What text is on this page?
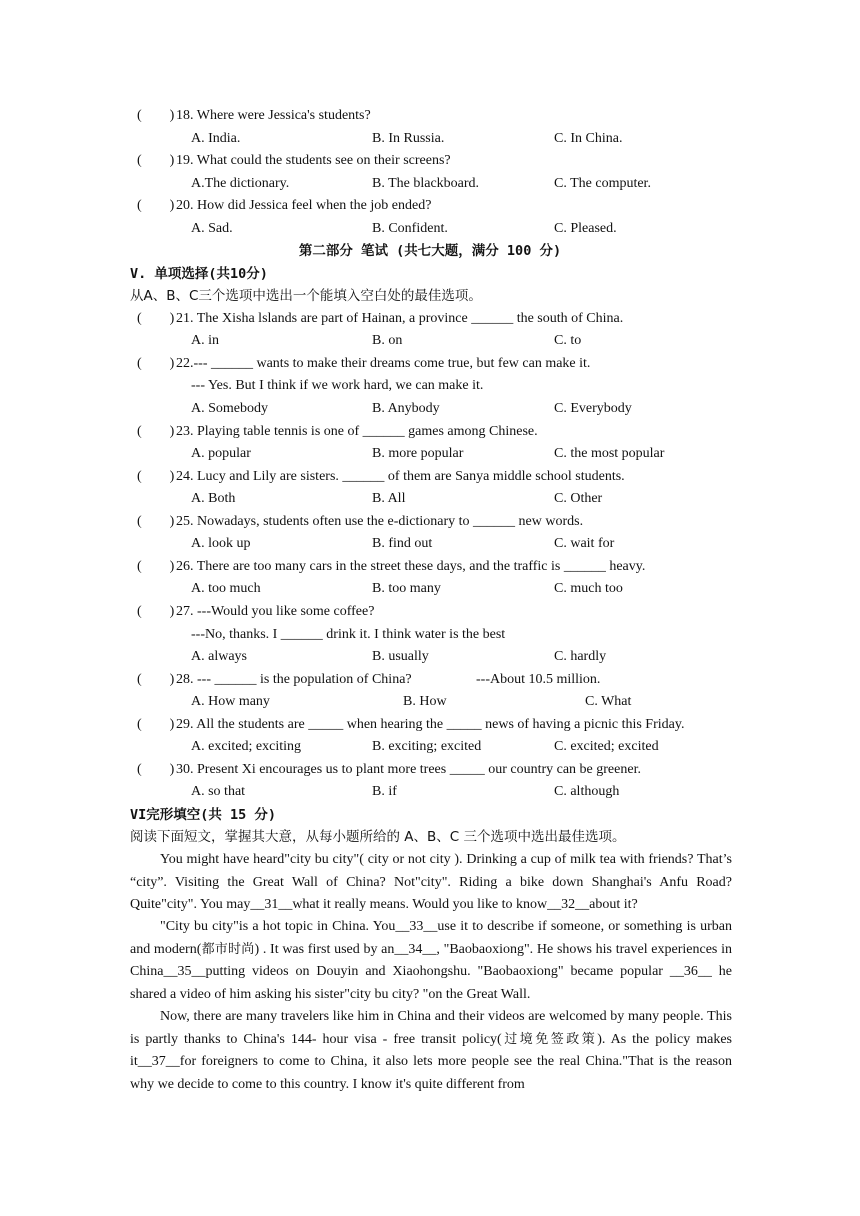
(　　) 18. Where were Jessica's students?
A. India.	B. In Russia.	C. In China.
(　　) 19. What could the students see on their screens?
A.The dictionary.	B. The blackboard.	C. The computer.
(　　) 20. How did Jessica feel when the job ended?
A. Sad.	B. Confident.	C. Pleased.
第二部分 笔试 (共七大题，满分 100 分)
V. 单项选择(共10分)
从A、B、C三个选项中选出一个能填入空白处的最佳选项。
(　　) 21. The Xisha lslands are part of Hainan, a province ______ the south of China.
A. in	B. on	C. to
(　　) 22.--- ______ wants to make their dreams come true, but few can make it.
--- Yes. But I think if we work hard, we can make it.
A. Somebody	B. Anybody	C. Everybody
(　　) 23. Playing table tennis is one of ______ games among Chinese.
A. popular	B. more popular	C. the most popular
(　　) 24. Lucy and Lily are sisters. ______ of them are Sanya middle school students.
A. Both	B. All	C. Other
(　　) 25. Nowadays, students often use the e-dictionary to ______ new words.
A. look up	B. find out	C. wait for
(　　) 26. There are too many cars in the street these days, and the traffic is ______ heavy.
A. too much	B. too many	C. much too
(　　) 27. ---Would you like some coffee?
---No, thanks. I ______ drink it. I think water is the best
A. always	B. usually	C. hardly
(　　) 28. --- ______ is the population of China?	---About 10.5 million.
A. How many	B. How	C. What
(　　) 29. All the students are _____ when hearing the _____ news of having a picnic this Friday.
A. excited; exciting	B. exciting; excited	C. excited; excited
(　　) 30. Present Xi encourages us to plant more trees _____ our country can be greener.
A. so that	B. if	C. although
VI完形填空(共 15 分)
阅读下面短文，掌握其大意，从每小题所给的 A、B、C 三个选项中选出最佳选项。
You might have heard"city bu city"( city or not city ). Drinking a cup of milk tea with friends? That’s “city”. Visiting the Great Wall of China? Not"city". Riding a bike down Shanghai's Anfu Road? Quite"city". You may__31__what it really means. Would you like to know__32__about it?
"City bu city"is a hot topic in China. You__33__use it to describe if someone, or something is urban and modern(都市时尚) . It was first used by an__34__, "Baobaoxiong". He shows his travel experiences in China__35__putting videos on Douyin and Xiaohongshu. "Baobaoxiong" became popular __36__ he shared a video of him asking his sister"city bu city? "on the Great Wall.
Now, there are many travelers like him in China and their videos are welcomed by many people. This is partly thanks to China's 144- hour visa - free transit policy(过境免签政策). As the policy makes it__37__for foreigners to come to China, it also lets more people see the real China."That is the reason why we decide to come to this country. I know it's quite different from
